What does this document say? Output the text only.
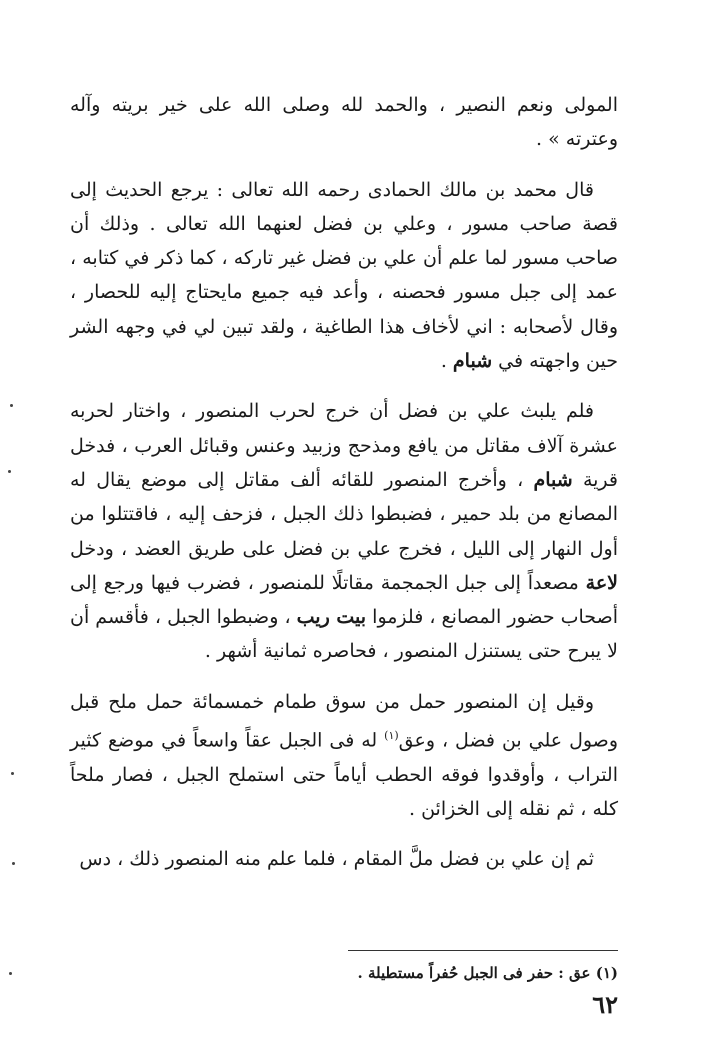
المولى ونعم النصير ، والحمد لله وصلى الله على خير بريته وآله وعترته » .

قال محمد بن مالك الحمادى رحمه الله تعالى : يرجع الحديث إلى قصة صاحب مسور ، وعلي بن فضل لعنهما الله تعالى . وذلك أن صاحب مسور لما علم أن علي بن فضل غير تاركه ، كما ذكر في كتابه ، عمد إلى جبل مسور فحصنه ، وأعد فيه جميع مايحتاج إليه للحصار ، وقال لأصحابه : اني لأخاف هذا الطاغية ، ولقد تبين لي في وجهه الشر حين واجهته في شبام .

فلم يلبث علي بن فضل أن خرج لحرب المنصور ، واختار لحربه عشرة آلاف مقاتل من يافع ومذحج وزبيد وعنس وقبائل العرب ، فدخل قرية شبام ، وأخرج المنصور للقائه ألف مقاتل إلى موضع يقال له المصانع من بلد حمير ، فضبطوا ذلك الجبل ، فزحف إليه ، فاقتتلوا من أول النهار إلى الليل ، فخرج علي بن فضل على طريق العضد ، ودخل لاعة مصعداً إلى جبل الجمجمة مقاتلًا للمنصور ، فضرب فيها ورجع إلى أصحاب حضور المصانع ، فلزموا بيت ريب ، وضبطوا الجبل ، فأقسم أن لا يبرح حتى يستنزل المنصور ، فحاصره ثمانية أشهر .

وقيل إن المنصور حمل من سوق طمام خمسمائة حمل ملح قبل وصول علي بن فضل ، وعق$^{(١)}$ له فى الجبل عقاً واسعاً في موضع كثير التراب ، وأوقدوا فوقه الحطب أياماً حتى استملح الجبل ، فصار ملحاً كله ، ثم نقله إلى الخزائن .

ثم إن علي بن فضل ملَّ المقام ، فلما علم منه المنصور ذلك ، دس

(١) عق : حفر فى الجبل حُفراً مستطيلة .
٦٢
